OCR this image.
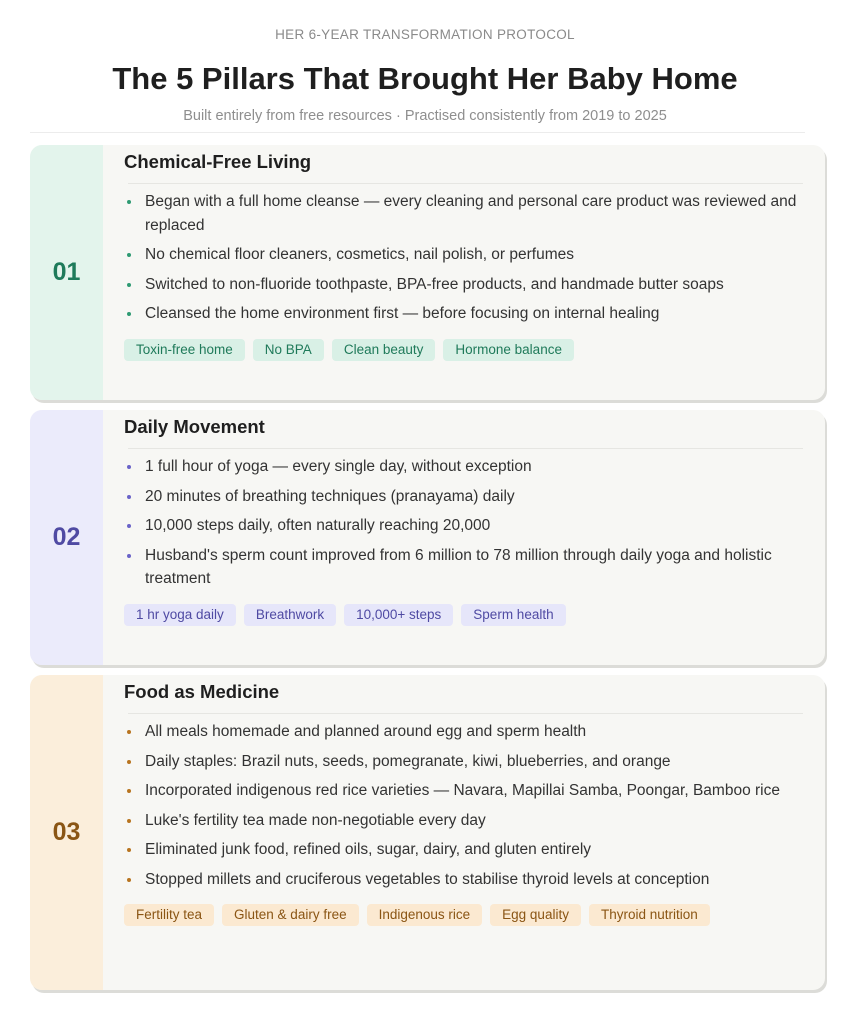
HER 6-YEAR TRANSFORMATION PROTOCOL
The 5 Pillars That Brought Her Baby Home
Built entirely from free resources · Practised consistently from 2019 to 2025
01
Chemical-Free Living
Began with a full home cleanse — every cleaning and personal care product was reviewed and replaced
No chemical floor cleaners, cosmetics, nail polish, or perfumes
Switched to non-fluoride toothpaste, BPA-free products, and handmade butter soaps
Cleansed the home environment first — before focusing on internal healing
Toxin-free home	No BPA	Clean beauty	Hormone balance
02
Daily Movement
1 full hour of yoga — every single day, without exception
20 minutes of breathing techniques (pranayama) daily
10,000 steps daily, often naturally reaching 20,000
Husband's sperm count improved from 6 million to 78 million through daily yoga and holistic treatment
1 hr yoga daily	Breathwork	10,000+ steps	Sperm health
03
Food as Medicine
All meals homemade and planned around egg and sperm health
Daily staples: Brazil nuts, seeds, pomegranate, kiwi, blueberries, and orange
Incorporated indigenous red rice varieties — Navara, Mapillai Samba, Poongar, Bamboo rice
Luke's fertility tea made non-negotiable every day
Eliminated junk food, refined oils, sugar, dairy, and gluten entirely
Stopped millets and cruciferous vegetables to stabilise thyroid levels at conception
Fertility tea	Gluten & dairy free	Indigenous rice	Egg quality	Thyroid nutrition
